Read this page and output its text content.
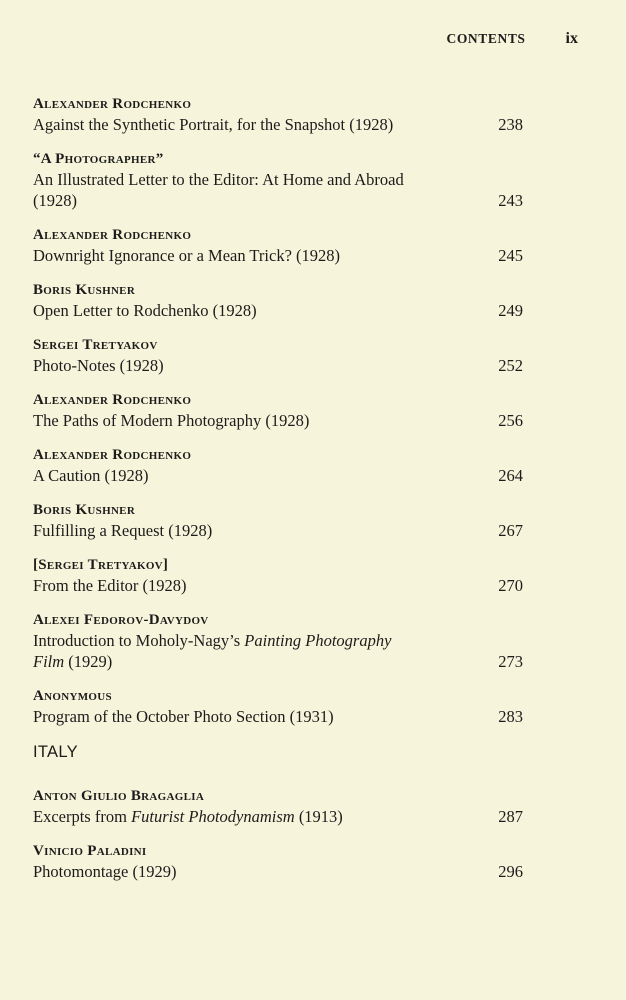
CONTENTS	ix
Alexander Rodchenko
Against the Synthetic Portrait, for the Snapshot (1928)	238
“A Photographer”
An Illustrated Letter to the Editor: At Home and Abroad
(1928)	243
Alexander Rodchenko
Downright Ignorance or a Mean Trick? (1928)	245
Boris Kushner
Open Letter to Rodchenko (1928)	249
Sergei Tretyakov
Photo-Notes (1928)	252
Alexander Rodchenko
The Paths of Modern Photography (1928)	256
Alexander Rodchenko
A Caution (1928)	264
Boris Kushner
Fulfilling a Request (1928)	267
[Sergei Tretyakov]
From the Editor (1928)	270
Alexei Fedorov-Davydov
Introduction to Moholy-Nagy’s Painting Photography
Film (1929)	273
Anonymous
Program of the October Photo Section (1931)	283
ITALY
Anton Giulio Bragaglia
Excerpts from Futurist Photodynamism (1913)	287
Vinicio Paladini
Photomontage (1929)	296
